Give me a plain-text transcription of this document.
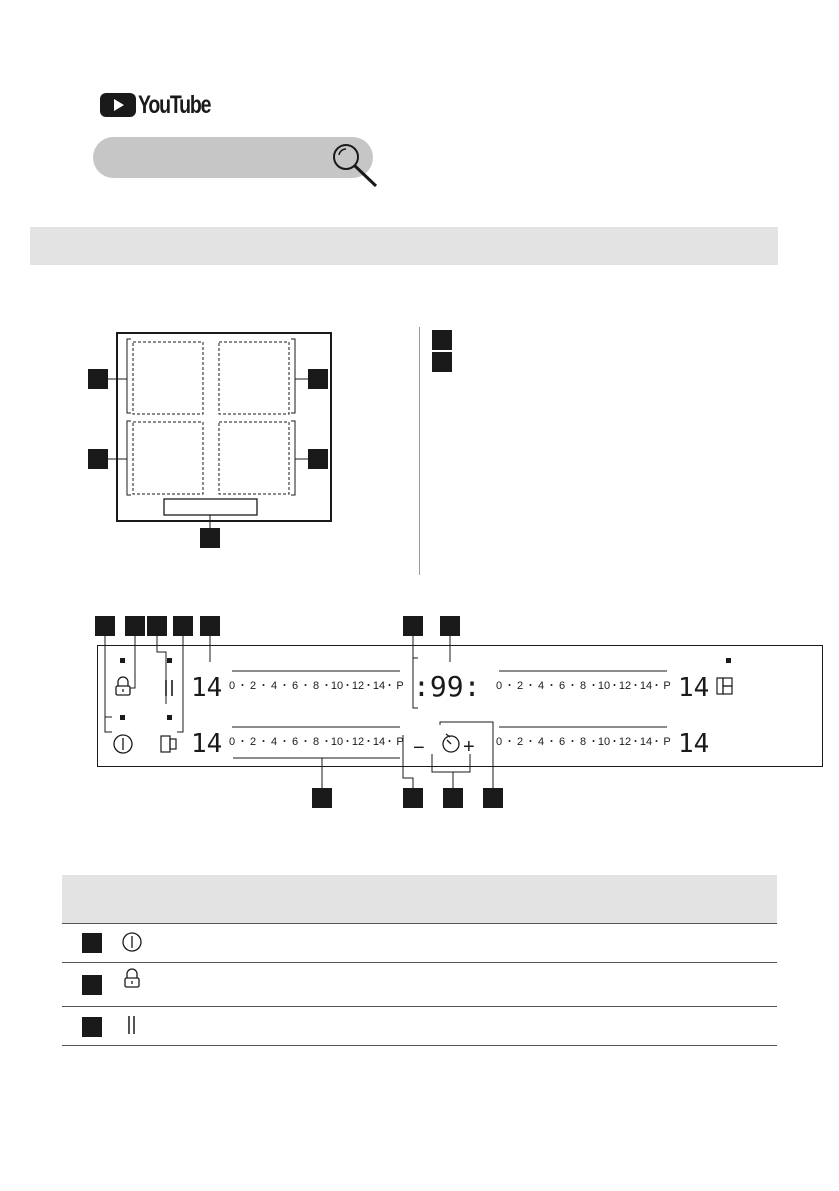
YouTube
14
14
14
14
0 2 4 6 8 10 12 14 P
0 2 4 6 8 10 12 14 P
0 2 4 6 8 10 12 14 P
0 2 4 6 8 10 12 14 P
:99:
− +
